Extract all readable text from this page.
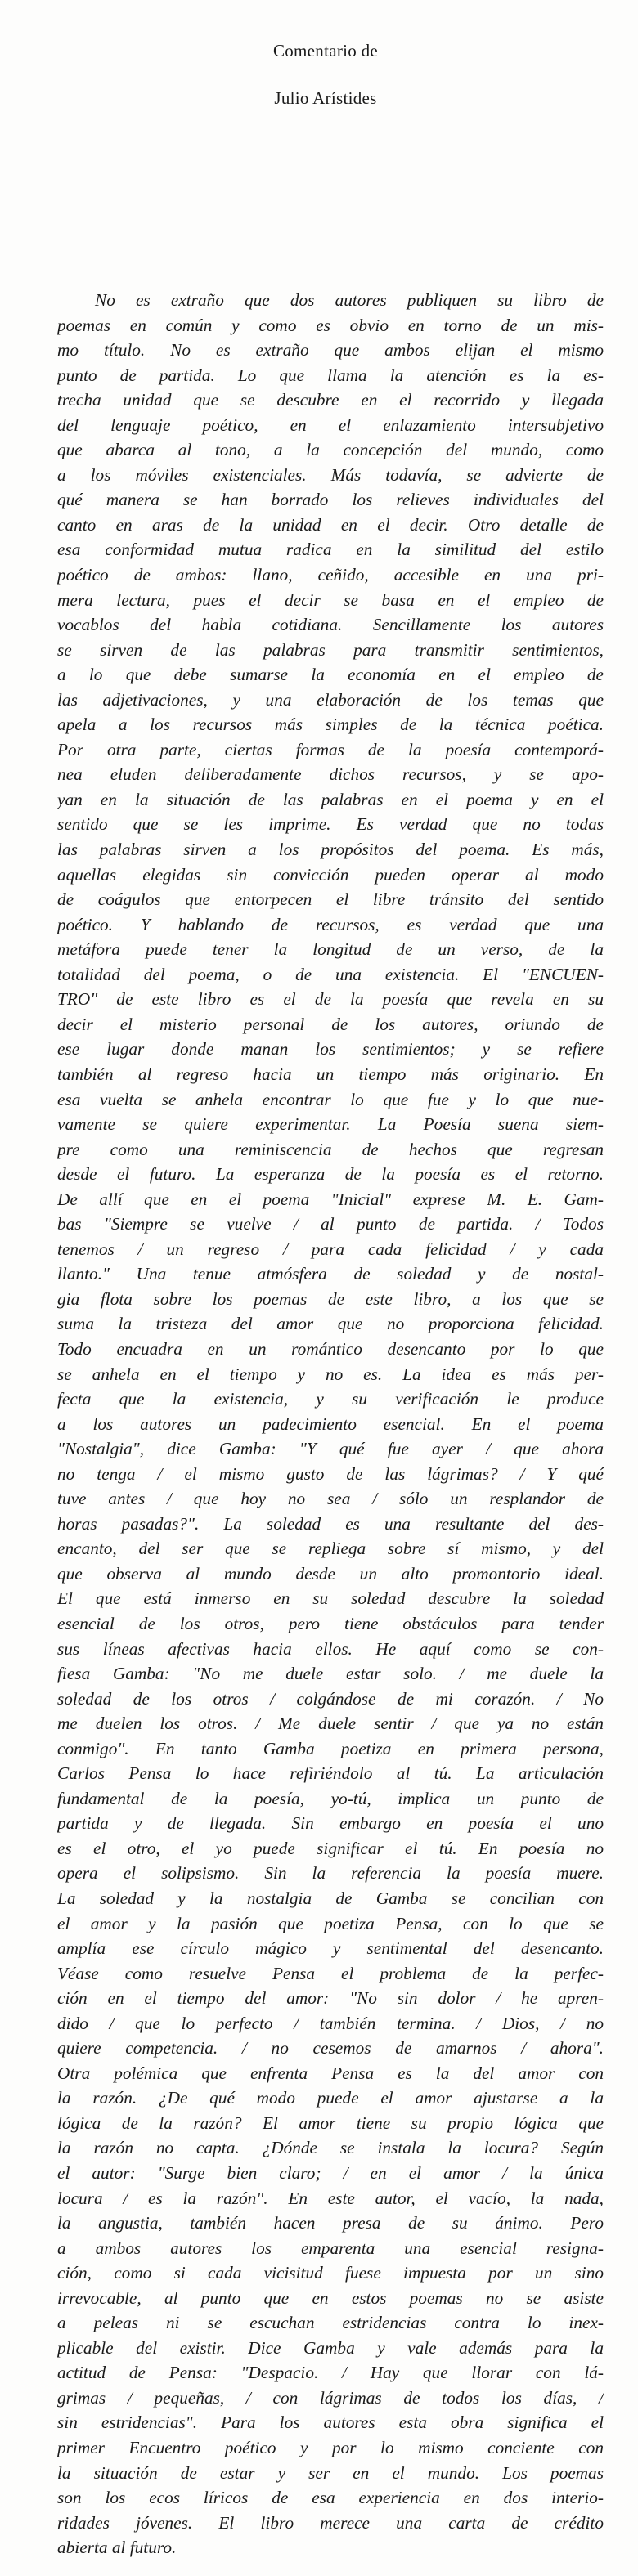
Comentario de
Julio Arístides
No es extraño que dos autores publiquen su libro de
poemas en común y como es obvio en torno de un mis-
mo título. No es extraño que ambos elijan el mismo
punto de partida. Lo que llama la atención es la es-
trecha unidad que se descubre en el recorrido y llegada
del lenguaje poético, en el enlazamiento intersubjetivo
que abarca al tono, a la concepción del mundo, como
a los móviles existenciales. Más todavía, se advierte de
qué manera se han borrado los relieves individuales del
canto en aras de la unidad en el decir. Otro detalle de
esa conformidad mutua radica en la similitud del estilo
poético de ambos: llano, ceñido, accesible en una pri-
mera lectura, pues el decir se basa en el empleo de
vocablos del habla cotidiana. Sencillamente los autores
se sirven de las palabras para transmitir sentimientos,
a lo que debe sumarse la economía en el empleo de
las adjetivaciones, y una elaboración de los temas que
apela a los recursos más simples de la técnica poética.
Por otra parte, ciertas formas de la poesía contemporá-
nea eluden deliberadamente dichos recursos, y se apo-
yan en la situación de las palabras en el poema y en el
sentido que se les imprime. Es verdad que no todas
las palabras sirven a los propósitos del poema. Es más,
aquellas elegidas sin convicción pueden operar al modo
de coágulos que entorpecen el libre tránsito del sentido
poético. Y hablando de recursos, es verdad que una
metáfora puede tener la longitud de un verso, de la
totalidad del poema, o de una existencia. El "ENCUEN-
TRO" de este libro es el de la poesía que revela en su
decir el misterio personal de los autores, oriundo de
ese lugar donde manan los sentimientos; y se refiere
también al regreso hacia un tiempo más originario. En
esa vuelta se anhela encontrar lo que fue y lo que nue-
vamente se quiere experimentar. La Poesía suena siem-
pre como una reminiscencia de hechos que regresan
desde el futuro. La esperanza de la poesía es el retorno.
De allí que en el poema "Inicial" exprese M. E. Gam-
bas "Siempre se vuelve / al punto de partida. / Todos
tenemos / un regreso / para cada felicidad / y cada
llanto." Una tenue atmósfera de soledad y de nostal-
gia flota sobre los poemas de este libro, a los que se
suma la tristeza del amor que no proporciona felicidad.
Todo encuadra en un romántico desencanto por lo que
se anhela en el tiempo y no es. La idea es más per-
fecta que la existencia, y su verificación le produce
a los autores un padecimiento esencial. En el poema
"Nostalgia", dice Gamba: "Y qué fue ayer / que ahora
no tenga / el mismo gusto de las lágrimas? / Y qué
tuve antes / que hoy no sea / sólo un resplandor de
horas pasadas?". La soledad es una resultante del des-
encanto, del ser que se repliega sobre sí mismo, y del
que observa al mundo desde un alto promontorio ideal.
El que está inmerso en su soledad descubre la soledad
esencial de los otros, pero tiene obstáculos para tender
sus líneas afectivas hacia ellos. He aquí como se con-
fiesa Gamba: "No me duele estar solo. / me duele la
soledad de los otros / colgándose de mi corazón. / No
me duelen los otros. / Me duele sentir / que ya no están
conmigo". En tanto Gamba poetiza en primera persona,
Carlos Pensa lo hace refiriéndolo al tú. La articulación
fundamental de la poesía, yo-tú, implica un punto de
partida y de llegada. Sin embargo en poesía el uno
es el otro, el yo puede significar el tú. En poesía no
opera el solipsismo. Sin la referencia la poesía muere.
La soledad y la nostalgia de Gamba se concilian con
el amor y la pasión que poetiza Pensa, con lo que se
amplía ese círculo mágico y sentimental del desencanto.
Véase como resuelve Pensa el problema de la perfec-
ción en el tiempo del amor: "No sin dolor / he apren-
dido / que lo perfecto / también termina. / Dios, / no
quiere competencia. / no cesemos de amarnos / ahora".
Otra polémica que enfrenta Pensa es la del amor con
la razón. ¿De qué modo puede el amor ajustarse a la
lógica de la razón? El amor tiene su propio lógica que
la razón no capta. ¿Dónde se instala la locura? Según
el autor: "Surge bien claro; / en el amor / la única
locura / es la razón". En este autor, el vacío, la nada,
la angustia, también hacen presa de su ánimo. Pero
a ambos autores los emparenta una esencial resigna-
ción, como si cada vicisitud fuese impuesta por un sino
irrevocable, al punto que en estos poemas no se asiste
a peleas ni se escuchan estridencias contra lo inex-
plicable del existir. Dice Gamba y vale además para la
actitud de Pensa: "Despacio. / Hay que llorar con lá-
grimas / pequeñas, / con lágrimas de todos los días, /
sin estridencias". Para los autores esta obra significa el
primer Encuentro poético y por lo mismo conciente con
la situación de estar y ser en el mundo. Los poemas
son los ecos líricos de esa experiencia en dos interio-
ridades jóvenes. El libro merece una carta de crédito
abierta al futuro.
